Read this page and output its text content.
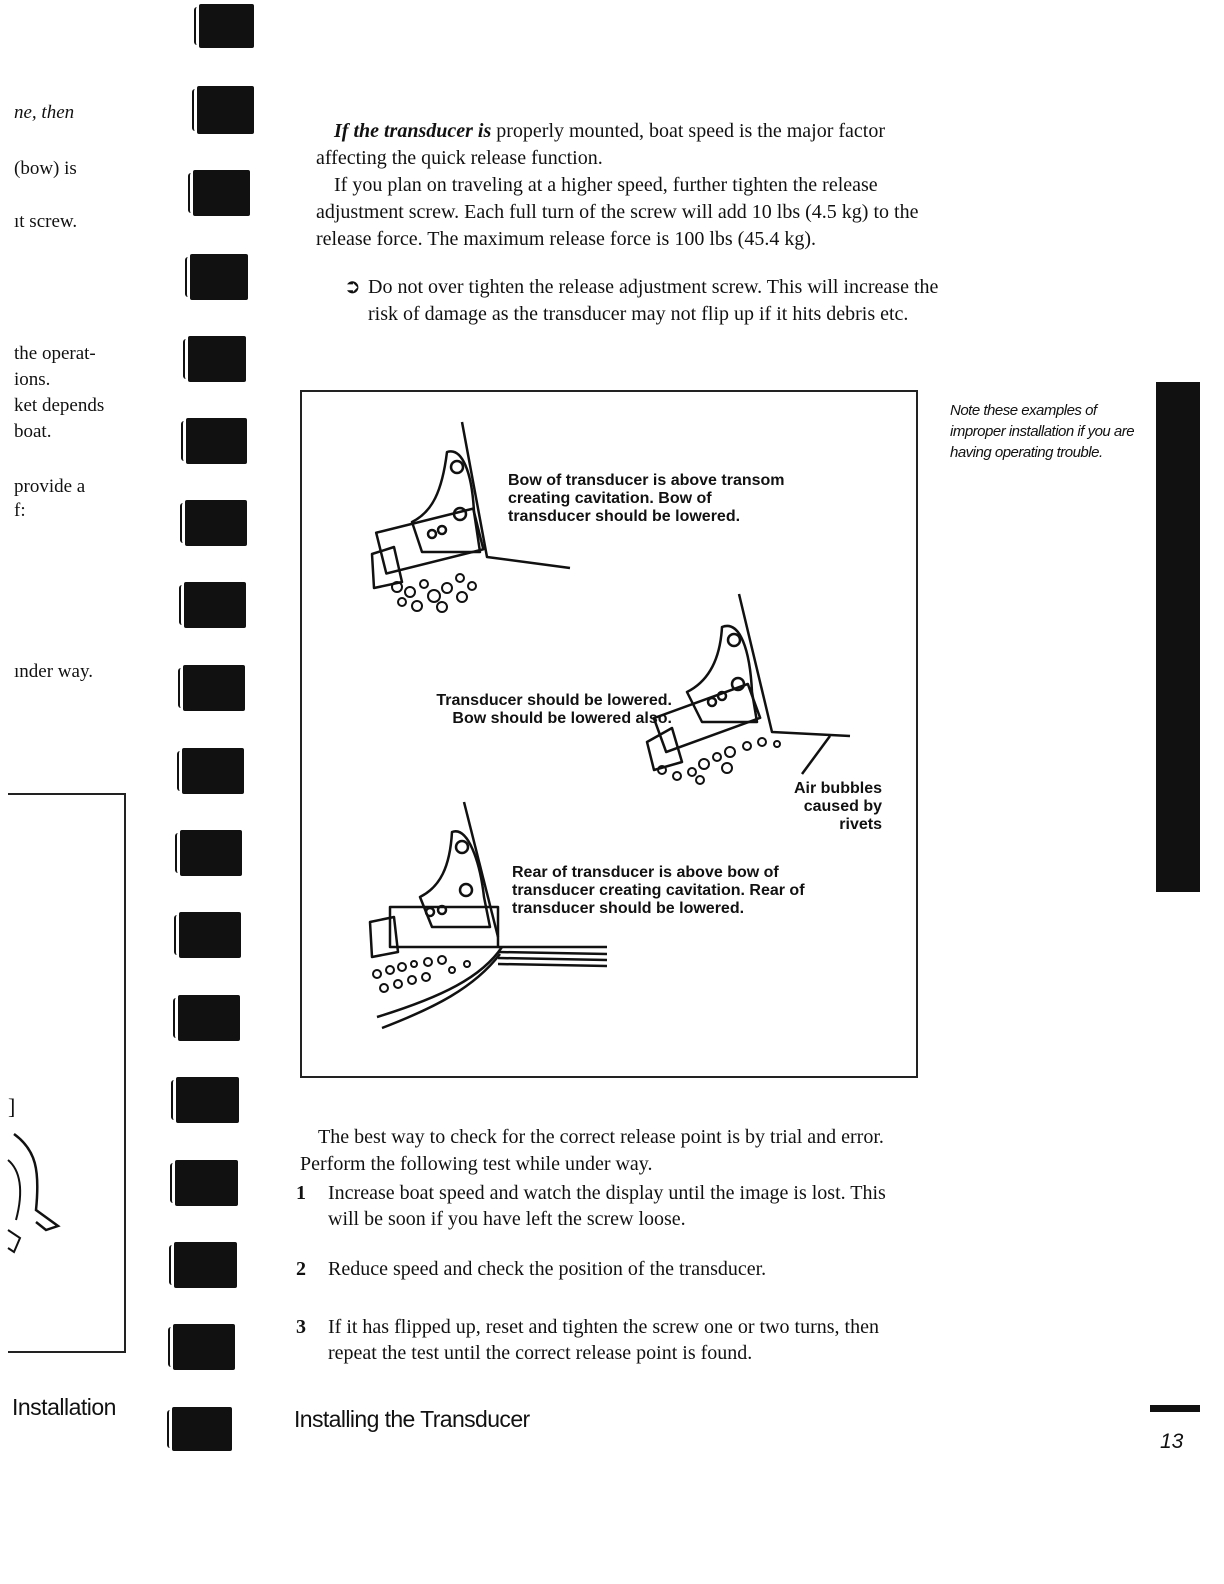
ne, then
(bow) is
ıt screw.
the operat-
ions.
ket depends
boat.
provide a
f:
ınder way.
]
Installation

If the transducer is properly mounted, boat speed is the major factor affecting the quick release function.

If you plan on traveling at a higher speed, further tighten the release adjustment screw. Each full turn of the screw will add 10 lbs (4.5 kg) to the release force. The maximum release force is 100 lbs (45.4 kg).

➲ Do not over tighten the release adjustment screw. This will increase the risk of damage as the transducer may not flip up if it hits debris etc.

Bow of transducer is above transom creating cavitation. Bow of transducer should be lowered.
Transducer should be lowered. Bow should be lowered also.
Air bubbles caused by rivets
Rear of transducer is above bow of transducer creating cavitation. Rear of transducer should be lowered.
Note these examples of improper installation if you are having operating trouble.

The best way to check for the correct release point is by trial and error. Perform the following test while under way.

1 Increase boat speed and watch the display until the image is lost. This will be soon if you have left the screw loose.
2 Reduce speed and check the position of the transducer.
3 If it has flipped up, reset and tighten the screw one or two turns, then repeat the test until the correct release point is found.
Installing the Transducer
13
